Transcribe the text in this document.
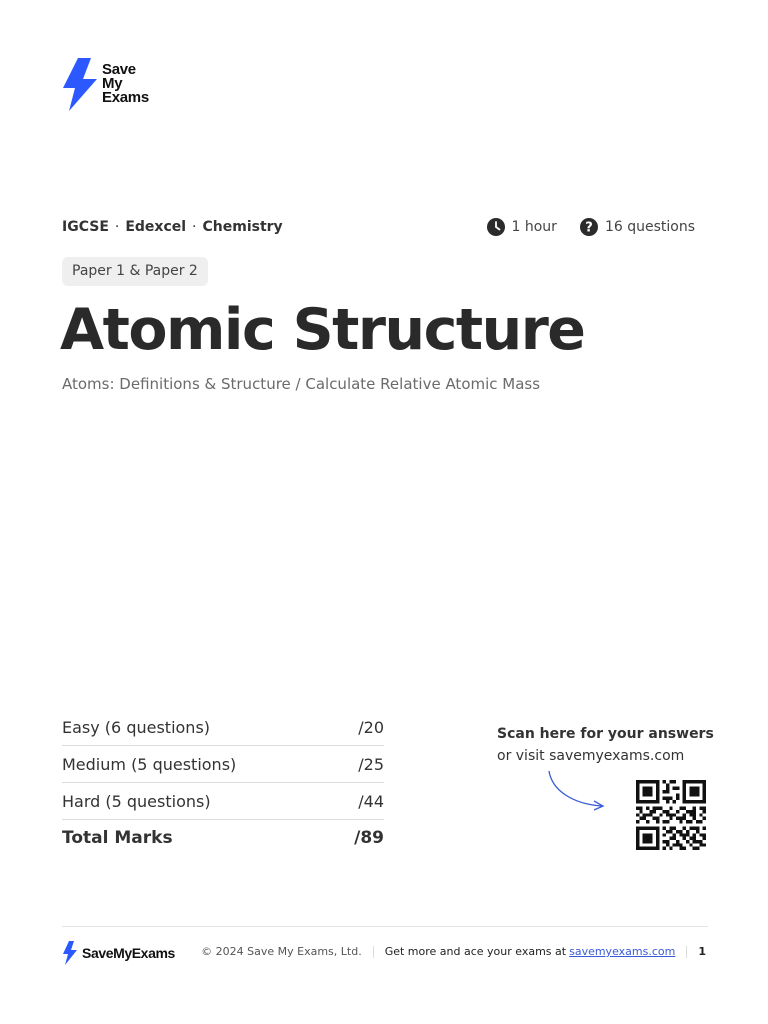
Save
My
Exams
IGCSE · Edexcel · Chemistry	1 hour ? 16 questions
Paper 1 & Paper 2
Atomic Structure
Atoms: Definitions & Structure / Calculate Relative Atomic Mass
Easy (6 questions)	/20
Medium (5 questions)	/25
Hard (5 questions)	/44
Total Marks	/89
Scan here for your answers
or visit savemyexams.com
SaveMyExams © 2024 Save My Exams, Ltd. Get more and ace your exams at savemyexams.com 1
